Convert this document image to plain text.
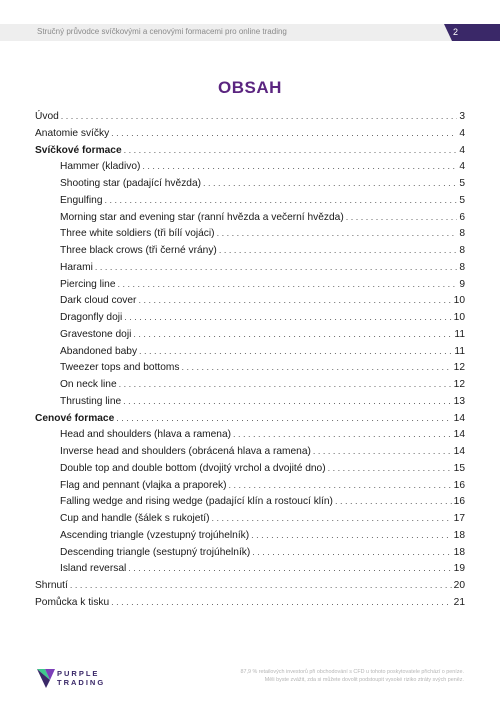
Stručný průvodce svíčkovými a cenovými formacemi pro online trading	2
OBSAH
Úvod . . .	3
Anatomie svíčky . . .	4
Svíčkové formace . . .	4
Hammer (kladivo) . . .	4
Shooting star (padající hvězda) . . .	5
Engulfing . . .	5
Morning star and evening star (ranní hvězda a večerní hvězda) . . .	6
Three white soldiers (tři bílí vojáci) . . .	8
Three black crows (tři černé vrány) . . .	8
Harami . . .	8
Piercing line . . .	9
Dark cloud cover . . .	10
Dragonfly doji . . .	10
Gravestone doji . . .	11
Abandoned baby . . .	11
Tweezer tops and bottoms . . .	12
On neck line . . .	12
Thrusting line . . .	13
Cenové formace . . .	14
Head and shoulders (hlava a ramena) . . .	14
Inverse head and shoulders (obrácená hlava a ramena) . . .	14
Double top and double bottom (dvojitý vrchol a dvojité dno) . . .	15
Flag and pennant (vlajka a praporek) . . .	16
Falling wedge and rising wedge (padající klín a rostoucí klín) . . .	16
Cup and handle (šálek s rukojetí) . . .	17
Ascending triangle (vzestupný trojúhelník) . . .	18
Descending triangle (sestupný trojúhelník) . . .	18
Island reversal . . .	19
Shrnutí . . .	20
Pomůcka k tisku . . .	21
PURPLE
TRADING
87,9 % retailových investorů při obchodování s CFD u tohoto poskytovatele přichází o peníze.
Měli byste zvážit, zda si můžete dovolit podstoupit vysoké riziko ztráty svých peněz.
